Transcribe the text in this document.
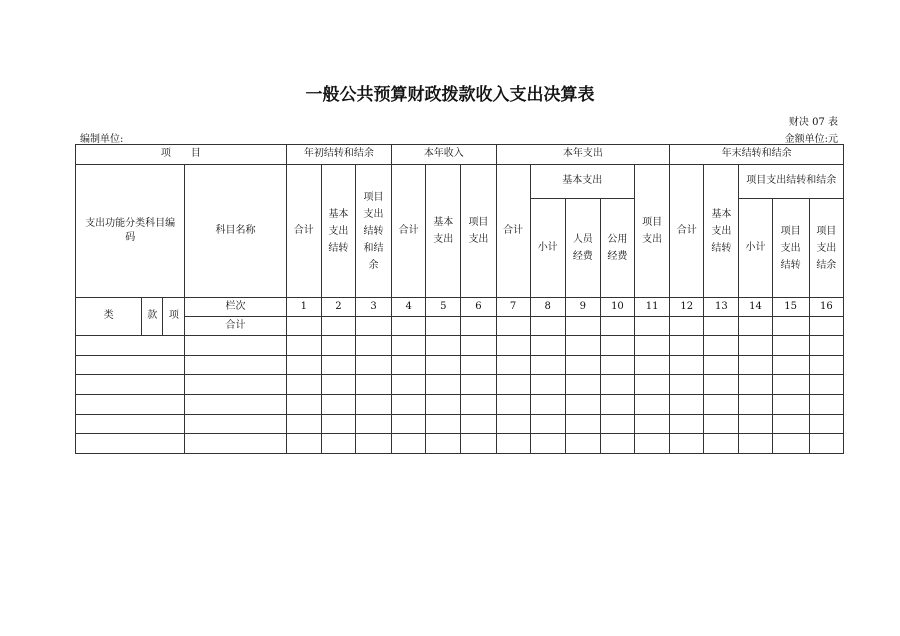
一般公共预算财政拨款收入支出决算表
财决 07 表
编制单位:	金额单位:元
项　　目				年初结转和结余			本年收入			本年支出					年末结转和结余				
支出功能分类科目编码			科目名称	合计	基本支出结转	项目支出结转和结余	合计	基本支出	项目支出	合计	基本支出			项目支出	合计	基本支出结转	项目支出结转和结余		
											小计	人员经费	公用经费				小计	项目支出结转	项目支出结余
类	款	项	栏次	1	2	3	4	5	6	7	8	9	10	11	12	13	14	15	16
			合计																
